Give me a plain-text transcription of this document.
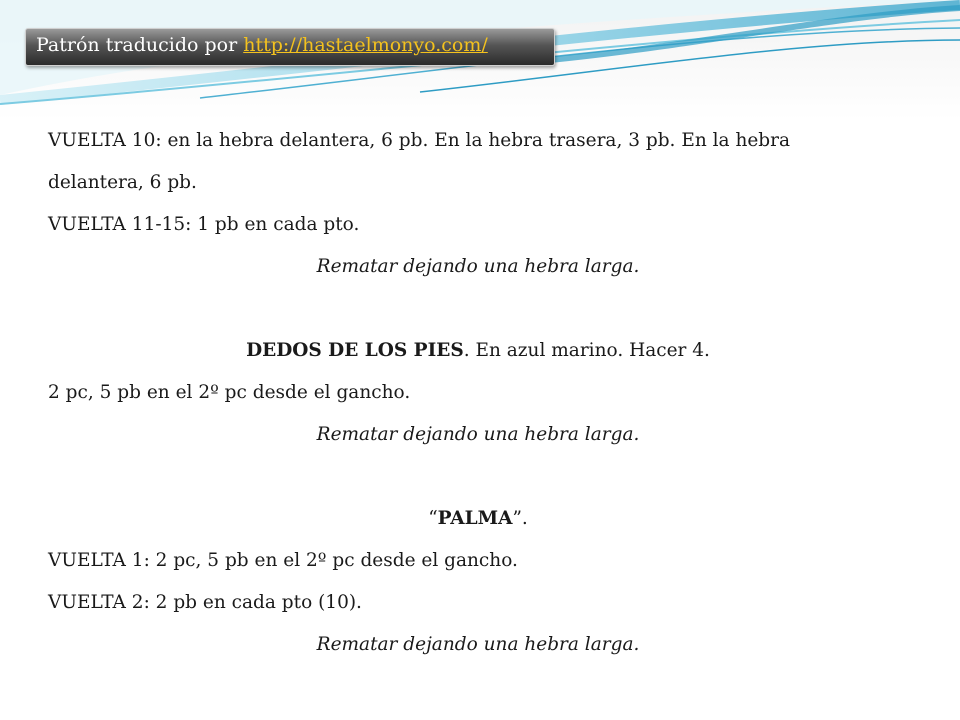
Patrón traducido por http://hastaelmonyo.com/

VUELTA 10: en la hebra delantera, 6 pb. En la hebra trasera, 3 pb. En la hebra

delantera, 6 pb.

VUELTA 11-15: 1 pb en cada pto.

Rematar dejando una hebra larga.

DEDOS DE LOS PIES. En azul marino. Hacer 4.

2 pc, 5 pb en el 2º pc desde el gancho.

Rematar dejando una hebra larga.

“PALMA”.

VUELTA 1: 2 pc, 5 pb en el 2º pc desde el gancho.

VUELTA 2: 2 pb en cada pto (10).

Rematar dejando una hebra larga.
